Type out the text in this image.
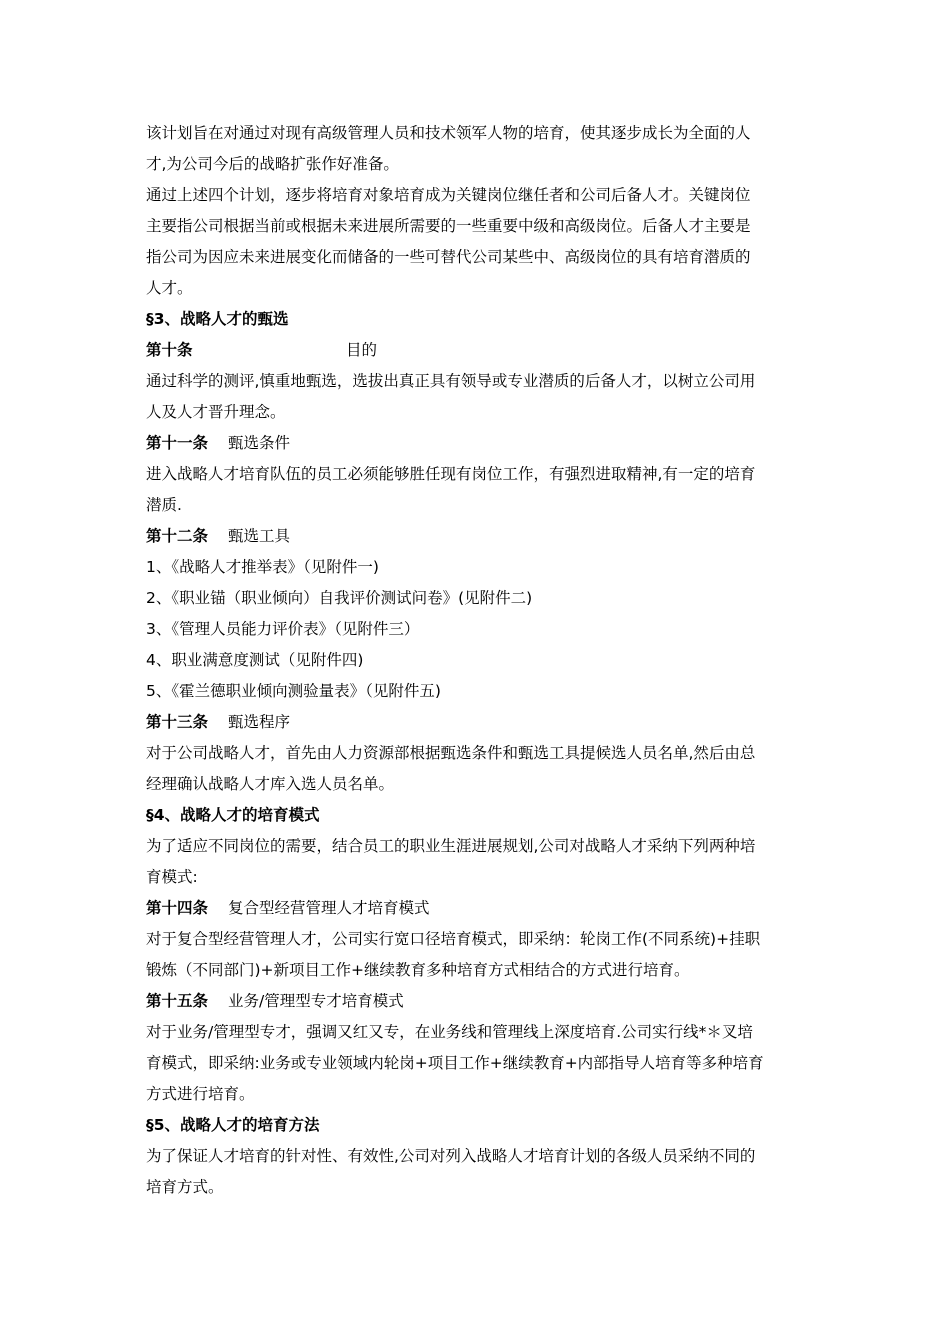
该计划旨在对通过对现有高级管理人员和技术领军人物的培育，使其逐步成长为全面的人
才,为公司今后的战略扩张作好准备。
通过上述四个计划，逐步将培育对象培育成为关键岗位继任者和公司后备人才。关键岗位
主要指公司根据当前或根据未来进展所需要的一些重要中级和高级岗位。后备人才主要是
指公司为因应未来进展变化而储备的一些可替代公司某些中、高级岗位的具有培育潜质的
人才。
§3、战略人才的甄选
第十条	目的
通过科学的测评,慎重地甄选，选拔出真正具有领导或专业潜质的后备人才，以树立公司用
人及人才晋升理念。
第十一条 甄选条件
进入战略人才培育队伍的员工必须能够胜任现有岗位工作，有强烈进取精神,有一定的培育
潜质.
第十二条 甄选工具
1、《战略人才推举表》（见附件一)
2、《职业锚（职业倾向）自我评价测试问卷》(见附件二)
3、《管理人员能力评价表》（见附件三）
4、职业满意度测试（见附件四)
5、《霍兰德职业倾向测验量表》（见附件五)
第十三条 甄选程序
对于公司战略人才，首先由人力资源部根据甄选条件和甄选工具提候选人员名单,然后由总
经理确认战略人才库入选人员名单。
§4、战略人才的培育模式
为了适应不同岗位的需要，结合员工的职业生涯进展规划,公司对战略人才采纳下列两种培
育模式:
第十四条 复合型经营管理人才培育模式
对于复合型经营管理人才，公司实行宽口径培育模式，即采纳：轮岗工作(不同系统)+挂职
锻炼（不同部门)+新项目工作+继续教育多种培育方式相结合的方式进行培育。
第十五条 业务/管理型专才培育模式
对于业务/管理型专才，强调又红又专，在业务线和管理线上深度培育.公司实行线*＊叉培
育模式，即采纳:业务或专业领域内轮岗+项目工作+继续教育+内部指导人培育等多种培育
方式进行培育。
§5、战略人才的培育方法
为了保证人才培育的针对性、有效性,公司对列入战略人才培育计划的各级人员采纳不同的
培育方式。
